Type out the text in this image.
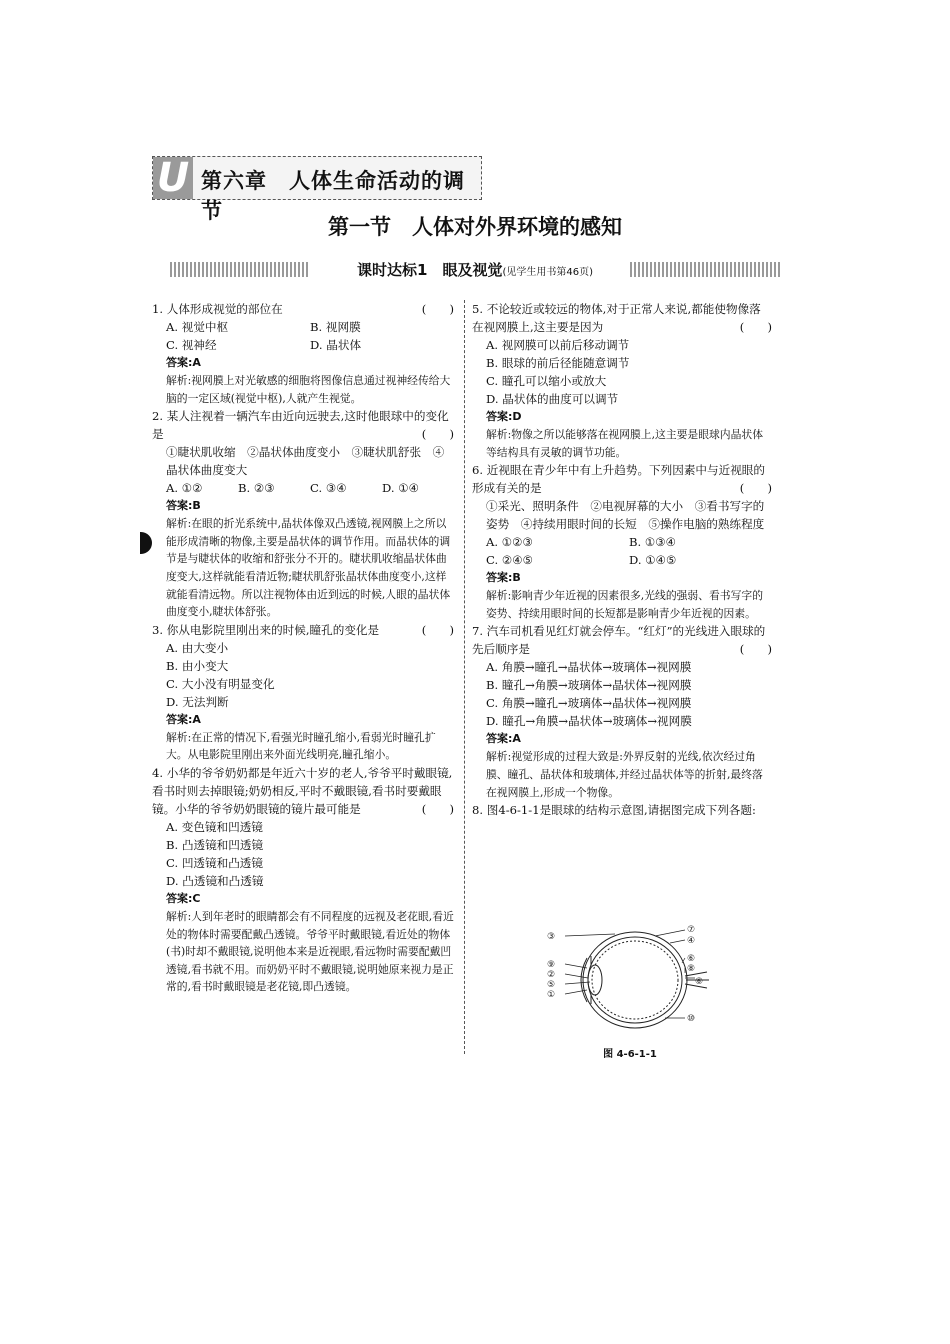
U 第六章　人体生命活动的调节
第一节　人体对外界环境的感知
课时达标1　眼及视觉(见学生用书第46页)
1. 人体形成视觉的部位在	(　　)
A. 视觉中枢	B. 视网膜
C. 视神经	D. 晶状体
答案:A
解析:视网膜上对光敏感的细胞将图像信息通过视神经传给大脑的一定区域(视觉中枢),人就产生视觉。
2. 某人注视着一辆汽车由近向远驶去,这时他眼球中的变化是	(　　)
①睫状肌收缩　②晶状体曲度变小　③睫状肌舒张　④晶状体曲度变大
A. ①②	B. ②③	C. ③④	D. ①④
答案:B
解析:在眼的折光系统中,晶状体像双凸透镜,视网膜上之所以能形成清晰的物像,主要是晶状体的调节作用。而晶状体的调节是与睫状体的收缩和舒张分不开的。睫状肌收缩晶状体曲度变大,这样就能看清近物;睫状肌舒张晶状体曲度变小,这样就能看清远物。所以注视物体由近到远的时候,人眼的晶状体曲度变小,睫状体舒张。
3. 你从电影院里刚出来的时候,瞳孔的变化是	(　　)
A. 由大变小
B. 由小变大
C. 大小没有明显变化
D. 无法判断
答案:A
解析:在正常的情况下,看强光时瞳孔缩小,看弱光时瞳孔扩大。从电影院里刚出来外面光线明亮,瞳孔缩小。
4. 小华的爷爷奶奶都是年近六十岁的老人,爷爷平时戴眼镜,看书时则去掉眼镜;奶奶相反,平时不戴眼镜,看书时要戴眼镜。小华的爷爷奶奶眼镜的镜片最可能是	(　　)
A. 变色镜和凹透镜
B. 凸透镜和凹透镜
C. 凹透镜和凸透镜
D. 凸透镜和凸透镜
答案:C
解析:人到年老时的眼睛都会有不同程度的远视及老花眼,看近处的物体时需要配戴凸透镜。爷爷平时戴眼镜,看近处的物体(书)时却不戴眼镜,说明他本来是近视眼,看远物时需要配戴凹透镜,看书就不用。而奶奶平时不戴眼镜,说明她原来视力是正常的,看书时戴眼镜是老花镜,即凸透镜。
5. 不论较近或较远的物体,对于正常人来说,都能使物像落在视网膜上,这主要是因为	(　　)
A. 视网膜可以前后移动调节
B. 眼球的前后径能随意调节
C. 瞳孔可以缩小或放大
D. 晶状体的曲度可以调节
答案:D
解析:物像之所以能够落在视网膜上,这主要是眼球内晶状体等结构具有灵敏的调节功能。
6. 近视眼在青少年中有上升趋势。下列因素中与近视眼的形成有关的是	(　　)
①采光、照明条件　②电视屏幕的大小　③看书写字的姿势　④持续用眼时间的长短　⑤操作电脑的熟练程度
A. ①②③	B. ①③④
C. ②④⑤	D. ①④⑤
答案:B
解析:影响青少年近视的因素很多,光线的强弱、看书写字的姿势、持续用眼时间的长短都是影响青少年近视的因素。
7. 汽车司机看见红灯就会停车。“红灯”的光线进入眼球的先后顺序是	(　　)
A. 角膜→瞳孔→晶状体→玻璃体→视网膜
B. 瞳孔→角膜→玻璃体→晶状体→视网膜
C. 角膜→瞳孔→玻璃体→晶状体→视网膜
D. 瞳孔→角膜→晶状体→玻璃体→视网膜
答案:A
解析:视觉形成的过程大致是:外界反射的光线,依次经过角膜、瞳孔、晶状体和玻璃体,并经过晶状体等的折射,最终落在视网膜上,形成一个物像。
8. 图4-6-1-1是眼球的结构示意图,请据图完成下列各题:
③
⑨
②
⑤
①
⑦
④
⑥
⑧
⑥
⑩
图 4-6-1-1
